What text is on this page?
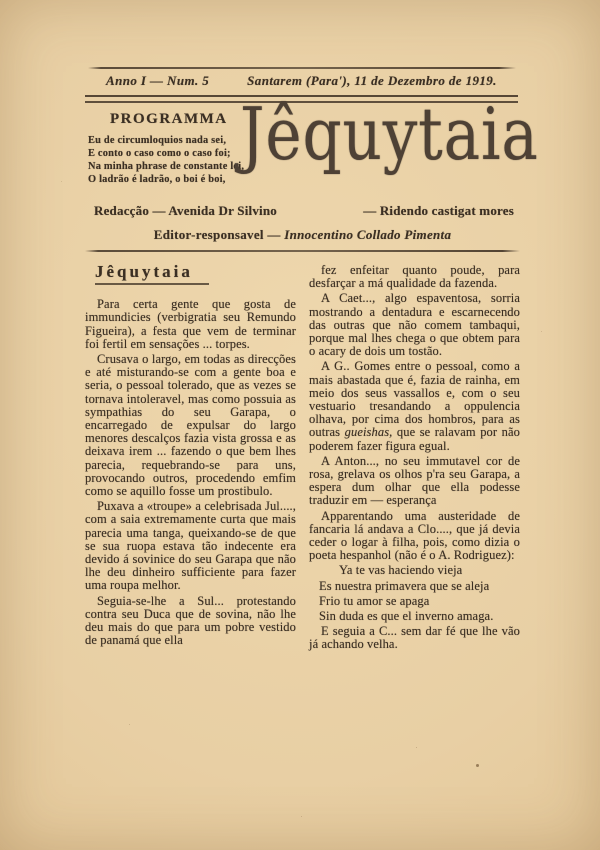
Anno I — Num. 5	Santarem (Para'), 11 de Dezembro de 1919.
PROGRAMMA
Eu de circumloquios nada sei,
E conto o caso como o caso foi;
Na minha phrase de constante lei,
O ladrão é ladrão, o boi é boi,
Jêquytaia
Redacção — Avenida Dr Silvino	— Ridendo castigat mores
Editor-responsavel — Innocentino Collado Pimenta
Jêquytaia

Para certa gente que gosta de immundicies (verbigratia seu Remundo Figueira), a festa que vem de terminar foi fertil em sensações ... torpes.

Crusava o largo, em todas as direcções e até misturando-se com a gente boa e seria, o pessoal tolerado, que as vezes se tornava intoleravel, mas como possuia as sympathias do seu Garapa, o encarregado de expulsar do largo menores descalços fazia vista grossa e as deixava irem ... fazendo o que bem lhes parecia, requebrando-se para uns, provocando outros, procedendo emfim como se aquillo fosse um prostibulo.

Puxava a «troupe» a celebrisada Jul...., com a saia extremamente curta que mais parecia uma tanga, queixando-se de que se sua ruopa estava tão indecente era devido á sovinice do seu Garapa que não lhe deu dinheiro sufficiente para fazer uma roupa melhor.

Seguia-se-lhe a Sul... protestando contra seu Duca que de sovina, não lhe deu mais do que para um pobre vestido de panamá que ella

fez enfeitar quanto poude, para desfarçar a má qualidade da fazenda.

A Caet..., algo espaventosa, sorria mostrando a dentadura e escarnecendo das outras que não comem tambaqui, porque mal lhes chega o que obtem para o acary de dois um tostão.

A G.. Gomes entre o pessoal, como a mais abastada que é, fazia de rainha, em meio dos seus vassallos e, com o seu vestuario tresandando a oppulencia olhava, por cima dos hombros, para as outras gueishas, que se ralavam por não poderem fazer figura egual.

A Anton..., no seu immutavel cor de rosa, grelava os olhos p'ra seu Garapa, a espera dum olhar que ella podesse traduzir em — esperança

Apparentando uma austeridade de fancaria lá andava a Clo...., que já devia ceder o logar à filha, pois, como dizia o poeta hespanhol (não é o A. Rodriguez):

Ya te vas haciendo vieja

Es nuestra primavera que se aleja

Frio tu amor se apaga

Sin duda es que el inverno amaga.

E seguia a C... sem dar fé que lhe vão já achando velha.
